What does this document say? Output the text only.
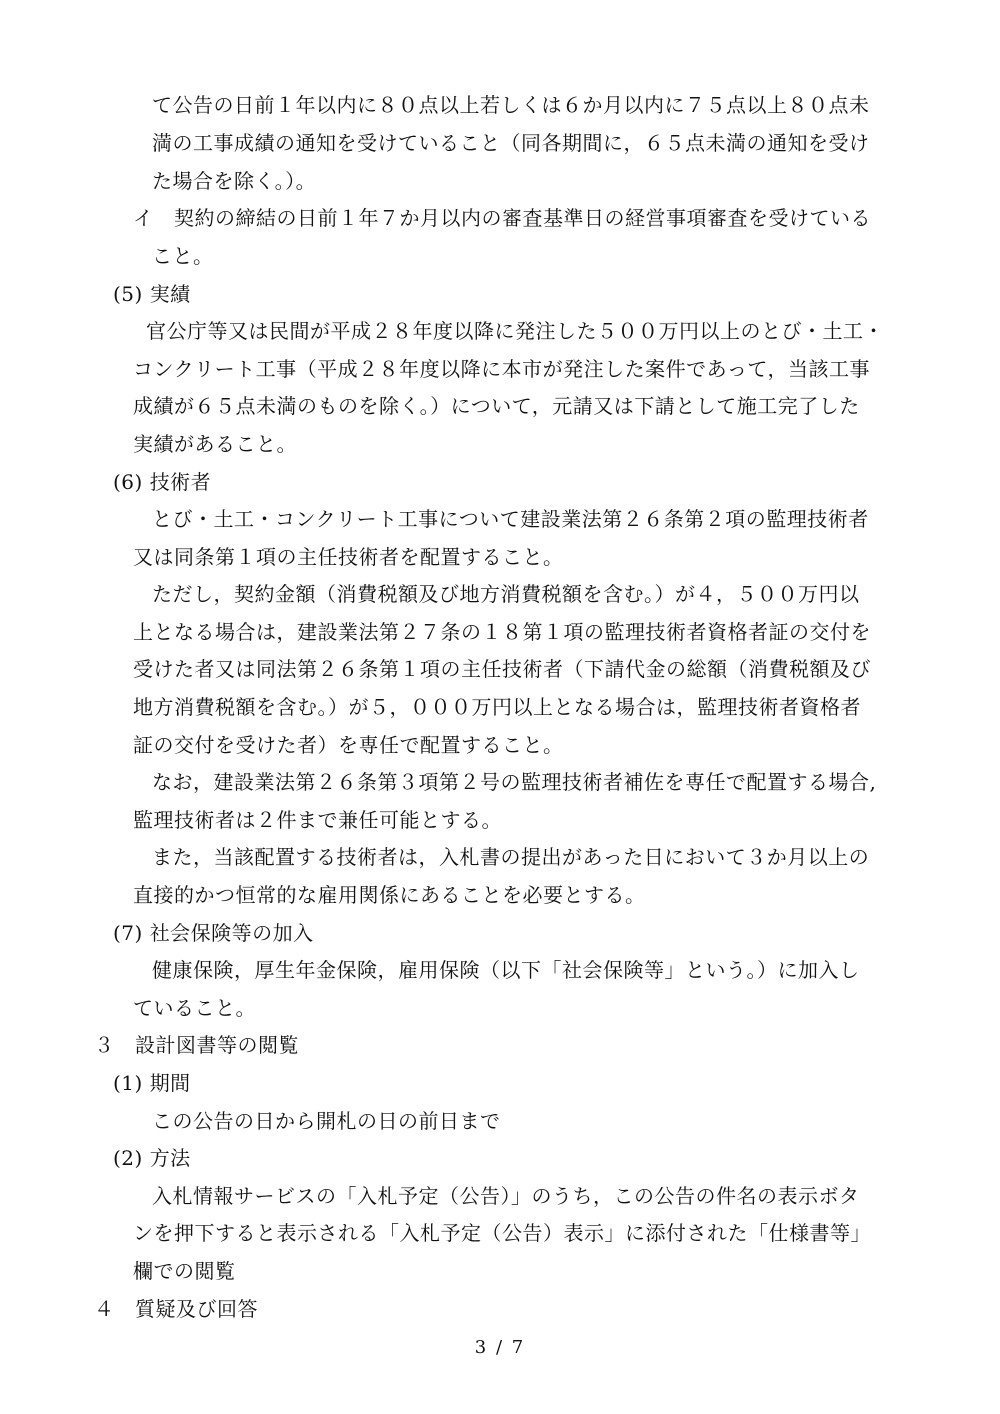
て公告の日前１年以内に８０点以上若しくは６か月以内に７５点以上８０点未
満の工事成績の通知を受けていること（同各期間に，６５点未満の通知を受け
た場合を除く。）。
イ　契約の締結の日前１年７か月以内の審査基準日の経営事項審査を受けている
こと。
(5) 実績
官公庁等又は民間が平成２８年度以降に発注した５００万円以上のとび・土工・
コンクリート工事（平成２８年度以降に本市が発注した案件であって，当該工事
成績が６５点未満のものを除く。）について，元請又は下請として施工完了した
実績があること。
(6) 技術者
とび・土工・コンクリート工事について建設業法第２６条第２項の監理技術者
又は同条第１項の主任技術者を配置すること。
ただし，契約金額（消費税額及び地方消費税額を含む。）が４，５００万円以
上となる場合は，建設業法第２７条の１８第１項の監理技術者資格者証の交付を
受けた者又は同法第２６条第１項の主任技術者（下請代金の総額（消費税額及び
地方消費税額を含む。）が５，０００万円以上となる場合は，監理技術者資格者
証の交付を受けた者）を専任で配置すること。
なお，建設業法第２６条第３項第２号の監理技術者補佐を専任で配置する場合,
監理技術者は２件まで兼任可能とする。
また，当該配置する技術者は，入札書の提出があった日において３か月以上の
直接的かつ恒常的な雇用関係にあることを必要とする。
(7) 社会保険等の加入
健康保険，厚生年金保険，雇用保険（以下「社会保険等」という。）に加入し
ていること。
３　設計図書等の閲覧
(1) 期間
この公告の日から開札の日の前日まで
(2) 方法
入札情報サービスの「入札予定（公告）」のうち，この公告の件名の表示ボタ
ンを押下すると表示される「入札予定（公告）表示」に添付された「仕様書等」
欄での閲覧
４　質疑及び回答
3 / 7
